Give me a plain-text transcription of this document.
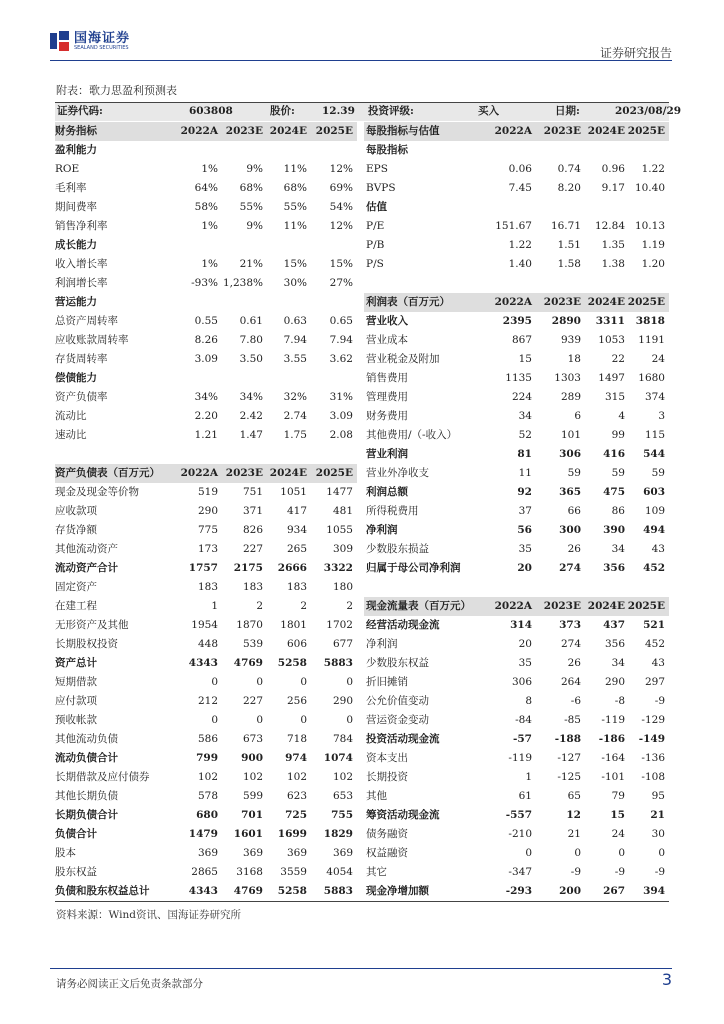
国海证券
SEALAND SECURITIES	证券研究报告
附表：歌力思盈利预测表
证券代码:	603808	股价:	12.39 投资评级:	买入	日期:	2023/08/29
财务指标	2022A 2023E 2024E 2025E
盈利能力
ROE	1%	9%	11%	12%
毛利率	64%	68%	68%	69%
期间费率	58%	55%	55%	54%
销售净利率	1%	9%	11%	12%
成长能力
收入增长率	1%	21%	15%	15%
利润增长率	-93% 1,238%	30%	27%
营运能力
总资产周转率	0.55	0.61	0.63	0.65
应收账款周转率	8.26	7.80	7.94	7.94
存货周转率	3.09	3.50	3.55	3.62
偿债能力
资产负债率	34%	34%	32%	31%
流动比	2.20	2.42	2.74	3.09
速动比	1.21	1.47	1.75	2.08
资产负债表（百万元）	2022A 2023E 2024E 2025E
现金及现金等价物	519	751	1051	1477
应收款项	290	371	417	481
存货净额	775	826	934	1055
其他流动资产	173	227	265	309
流动资产合计	1757	2175	2666	3322
固定资产	183	183	183	180
在建工程	1	2	2	2
无形资产及其他	1954	1870	1801	1702
长期股权投资	448	539	606	677
资产总计	4343	4769	5258	5883
短期借款	0	0	0	0
应付款项	212	227	256	290
预收帐款	0	0	0	0
其他流动负债	586	673	718	784
流动负债合计	799	900	974	1074
长期借款及应付债券	102	102	102	102
其他长期负债	578	599	623	653
长期负债合计	680	701	725	755
负债合计	1479	1601	1699	1829
股本	369	369	369	369
股东权益	2865	3168	3559	4054
负债和股东权益总计	4343	4769	5258	5883
每股指标与估值	2022A	2023E 2024E 2025E
每股指标
EPS	0.06	0.74	0.96	1.22
BVPS	7.45	8.20	9.17 10.40
估值
P/E	151.67	16.71	12.84 10.13
P/B	1.22	1.51	1.35	1.19
P/S	1.40	1.58	1.38	1.20
利润表（百万元）	2022A	2023E 2024E 2025E
营业收入	2395	2890	3311	3818
营业成本	867	939	1053	1191
营业税金及附加	15	18	22	24
销售费用	1135	1303	1497	1680
管理费用	224	289	315	374
财务费用	34	6	4	3
其他费用/（-收入）	52	101	99	115
营业利润	81	306	416	544
营业外净收支	11	59	59	59
利润总额	92	365	475	603
所得税费用	37	66	86	109
净利润	56	300	390	494
少数股东损益	35	26	34	43
归属于母公司净利润	20	274	356	452
现金流量表（百万元）	2022A	2023E 2024E 2025E
经营活动现金流	314	373	437	521
净利润	20	274	356	452
少数股东权益	35	26	34	43
折旧摊销	306	264	290	297
公允价值变动	8	-6	-8	-9
营运资金变动	-84	-85	-119	-129
投资活动现金流	-57	-188	-186	-149
资本支出	-119	-127	-164	-136
长期投资	1	-125	-101	-108
其他	61	65	79	95
筹资活动现金流	-557	12	15	21
债务融资	-210	21	24	30
权益融资	0	0	0	0
其它	-347	-9	-9	-9
现金净增加额	-293	200	267	394
资料来源：Wind资讯、国海证券研究所
请务必阅读正文后免责条款部分	3
